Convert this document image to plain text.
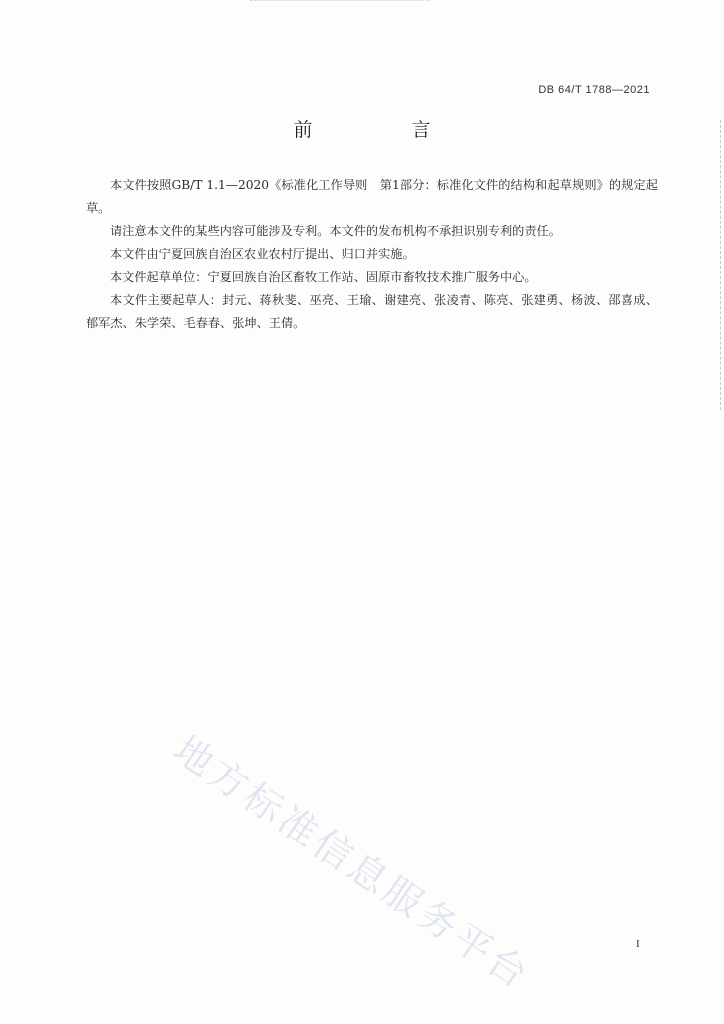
DB 64/T 1788—2021
前　言

本文件按照GB/T 1.1—2020《标准化工作导则　第1部分：标准化文件的结构和起草规则》的规定起草。

请注意本文件的某些内容可能涉及专利。本文件的发布机构不承担识别专利的责任。

本文件由宁夏回族自治区农业农村厅提出、归口并实施。

本文件起草单位：宁夏回族自治区畜牧工作站、固原市畜牧技术推广服务中心。

本文件主要起草人：封元、蒋秋斐、巫亮、王瑜、谢建亮、张凌青、陈亮、张建勇、杨波、邵喜成、郁军杰、朱学荣、毛春春、张坤、王倩。

地方标准信息服务平台	I
